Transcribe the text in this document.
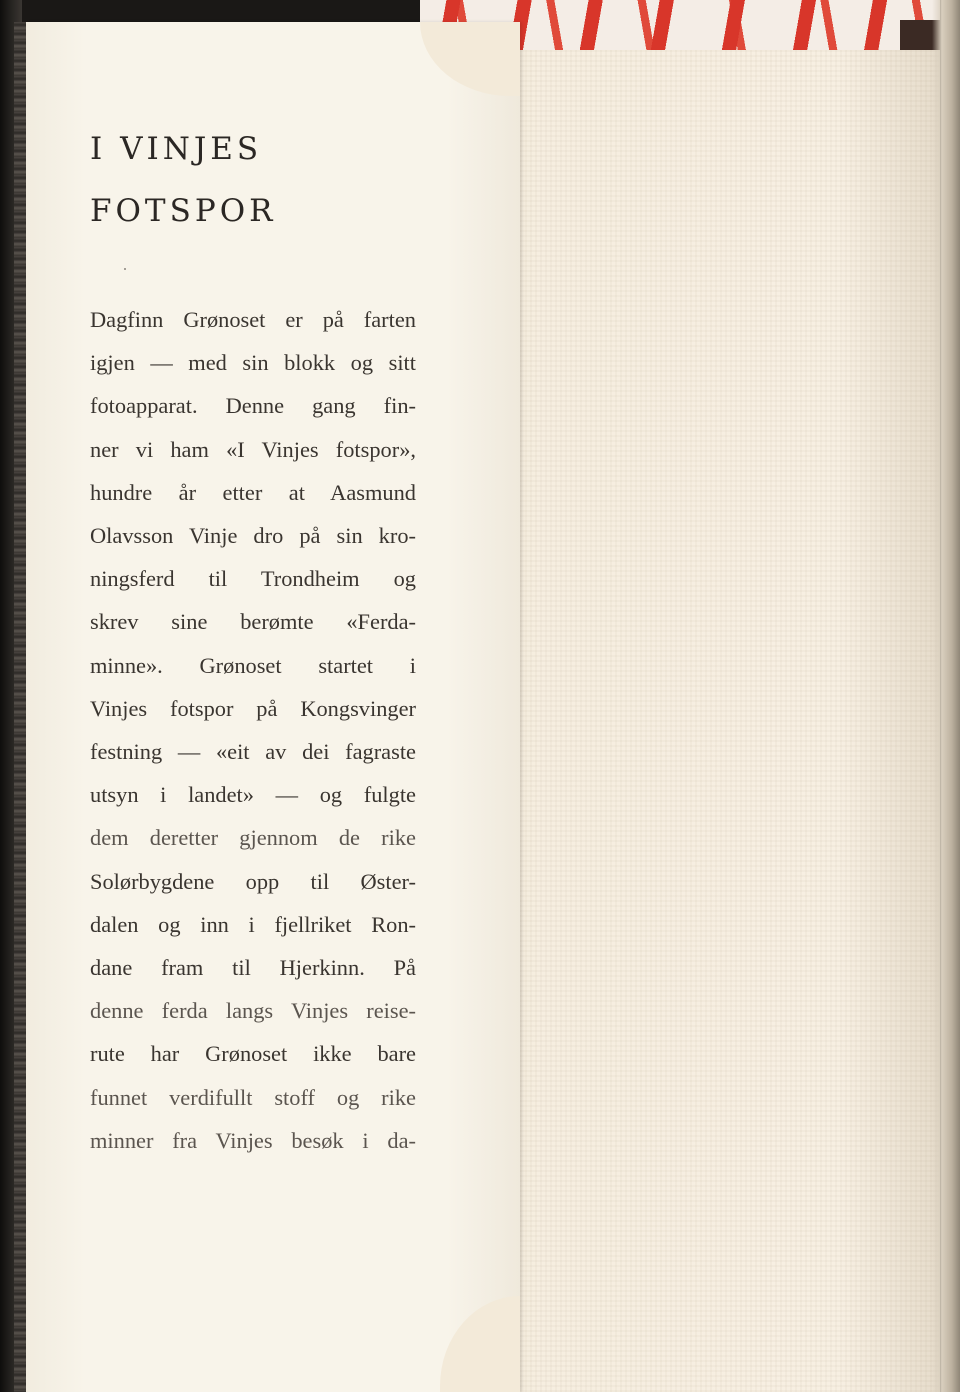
I VINJES
FOTSPOR
Dagfinn Grønoset er på farten
igjen — med sin blokk og sitt
fotoapparat. Denne gang fin-
ner vi ham «I Vinjes fotspor»,
hundre år etter at Aasmund
Olavsson Vinje dro på sin kro-
ningsferd til Trondheim og
skrev sine berømte «Ferda-
minne». Grønoset startet i
Vinjes fotspor på Kongsvinger
festning — «eit av dei fagraste
utsyn i landet» — og fulgte
dem deretter gjennom de rike
Solørbygdene opp til Øster-
dalen og inn i fjellriket Ron-
dane fram til Hjerkinn. På
denne ferda langs Vinjes reise-
rute har Grønoset ikke bare
funnet verdifullt stoff og rike
minner fra Vinjes besøk i da-
